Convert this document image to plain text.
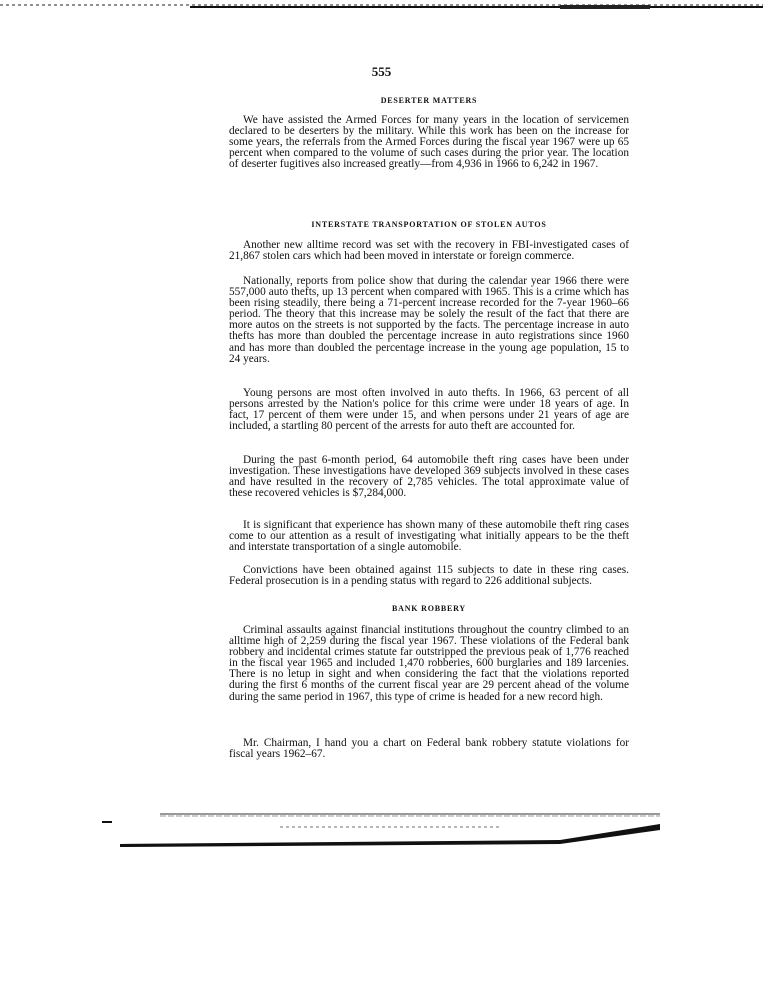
555
DESERTER MATTERS

We have assisted the Armed Forces for many years in the location of servicemen declared to be deserters by the military. While this work has been on the increase for some years, the referrals from the Armed Forces during the fiscal year 1967 were up 65 percent when compared to the volume of such cases during the prior year. The location of deserter fugitives also increased greatly—from 4,936 in 1966 to 6,242 in 1967.

INTERSTATE TRANSPORTATION OF STOLEN AUTOS

Another new alltime record was set with the recovery in FBI-investigated cases of 21,867 stolen cars which had been moved in interstate or foreign commerce.

Nationally, reports from police show that during the calendar year 1966 there were 557,000 auto thefts, up 13 percent when compared with 1965. This is a crime which has been rising steadily, there being a 71-percent increase recorded for the 7-year 1960–66 period. The theory that this increase may be solely the result of the fact that there are more autos on the streets is not supported by the facts. The percentage increase in auto thefts has more than doubled the percentage increase in auto registrations since 1960 and has more than doubled the percentage increase in the young age population, 15 to 24 years.

Young persons are most often involved in auto thefts. In 1966, 63 percent of all persons arrested by the Nation's police for this crime were under 18 years of age. In fact, 17 percent of them were under 15, and when persons under 21 years of age are included, a startling 80 percent of the arrests for auto theft are accounted for.

During the past 6-month period, 64 automobile theft ring cases have been under investigation. These investigations have developed 369 subjects involved in these cases and have resulted in the recovery of 2,785 vehicles. The total approximate value of these recovered vehicles is $7,284,000.

It is significant that experience has shown many of these automobile theft ring cases come to our attention as a result of investigating what initially appears to be the theft and interstate transportation of a single automobile.

Convictions have been obtained against 115 subjects to date in these ring cases. Federal prosecution is in a pending status with regard to 226 additional subjects.

BANK ROBBERY

Criminal assaults against financial institutions throughout the country climbed to an alltime high of 2,259 during the fiscal year 1967. These violations of the Federal bank robbery and incidental crimes statute far outstripped the previous peak of 1,776 reached in the fiscal year 1965 and included 1,470 robberies, 600 burglaries and 189 larcenies. There is no letup in sight and when considering the fact that the violations reported during the first 6 months of the current fiscal year are 29 percent ahead of the volume during the same period in 1967, this type of crime is headed for a new record high.

Mr. Chairman, I hand you a chart on Federal bank robbery statute violations for fiscal years 1962–67.
